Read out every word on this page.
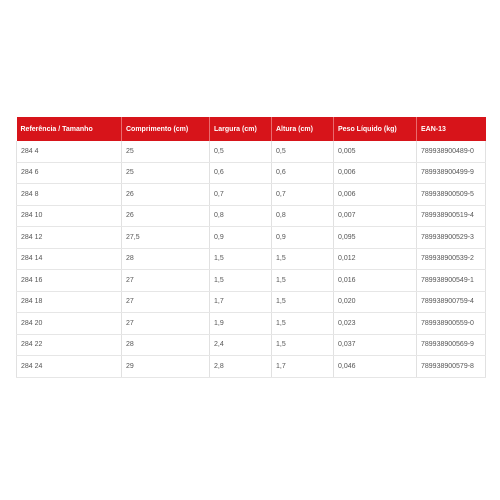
Referência / Tamanho	Comprimento (cm)	Largura (cm)	Altura (cm)	Peso Líquido (kg)	EAN-13
284 4	25	0,5	0,5	0,005	789938900489-0
284 6	25	0,6	0,6	0,006	789938900499-9
284 8	26	0,7	0,7	0,006	789938900509-5
284 10	26	0,8	0,8	0,007	789938900519-4
284 12	27,5	0,9	0,9	0,095	789938900529-3
284 14	28	1,5	1,5	0,012	789938900539-2
284 16	27	1,5	1,5	0,016	789938900549-1
284 18	27	1,7	1,5	0,020	789938900759-4
284 20	27	1,9	1,5	0,023	789938900559-0
284 22	28	2,4	1,5	0,037	789938900569-9
284 24	29	2,8	1,7	0,046	789938900579-8
